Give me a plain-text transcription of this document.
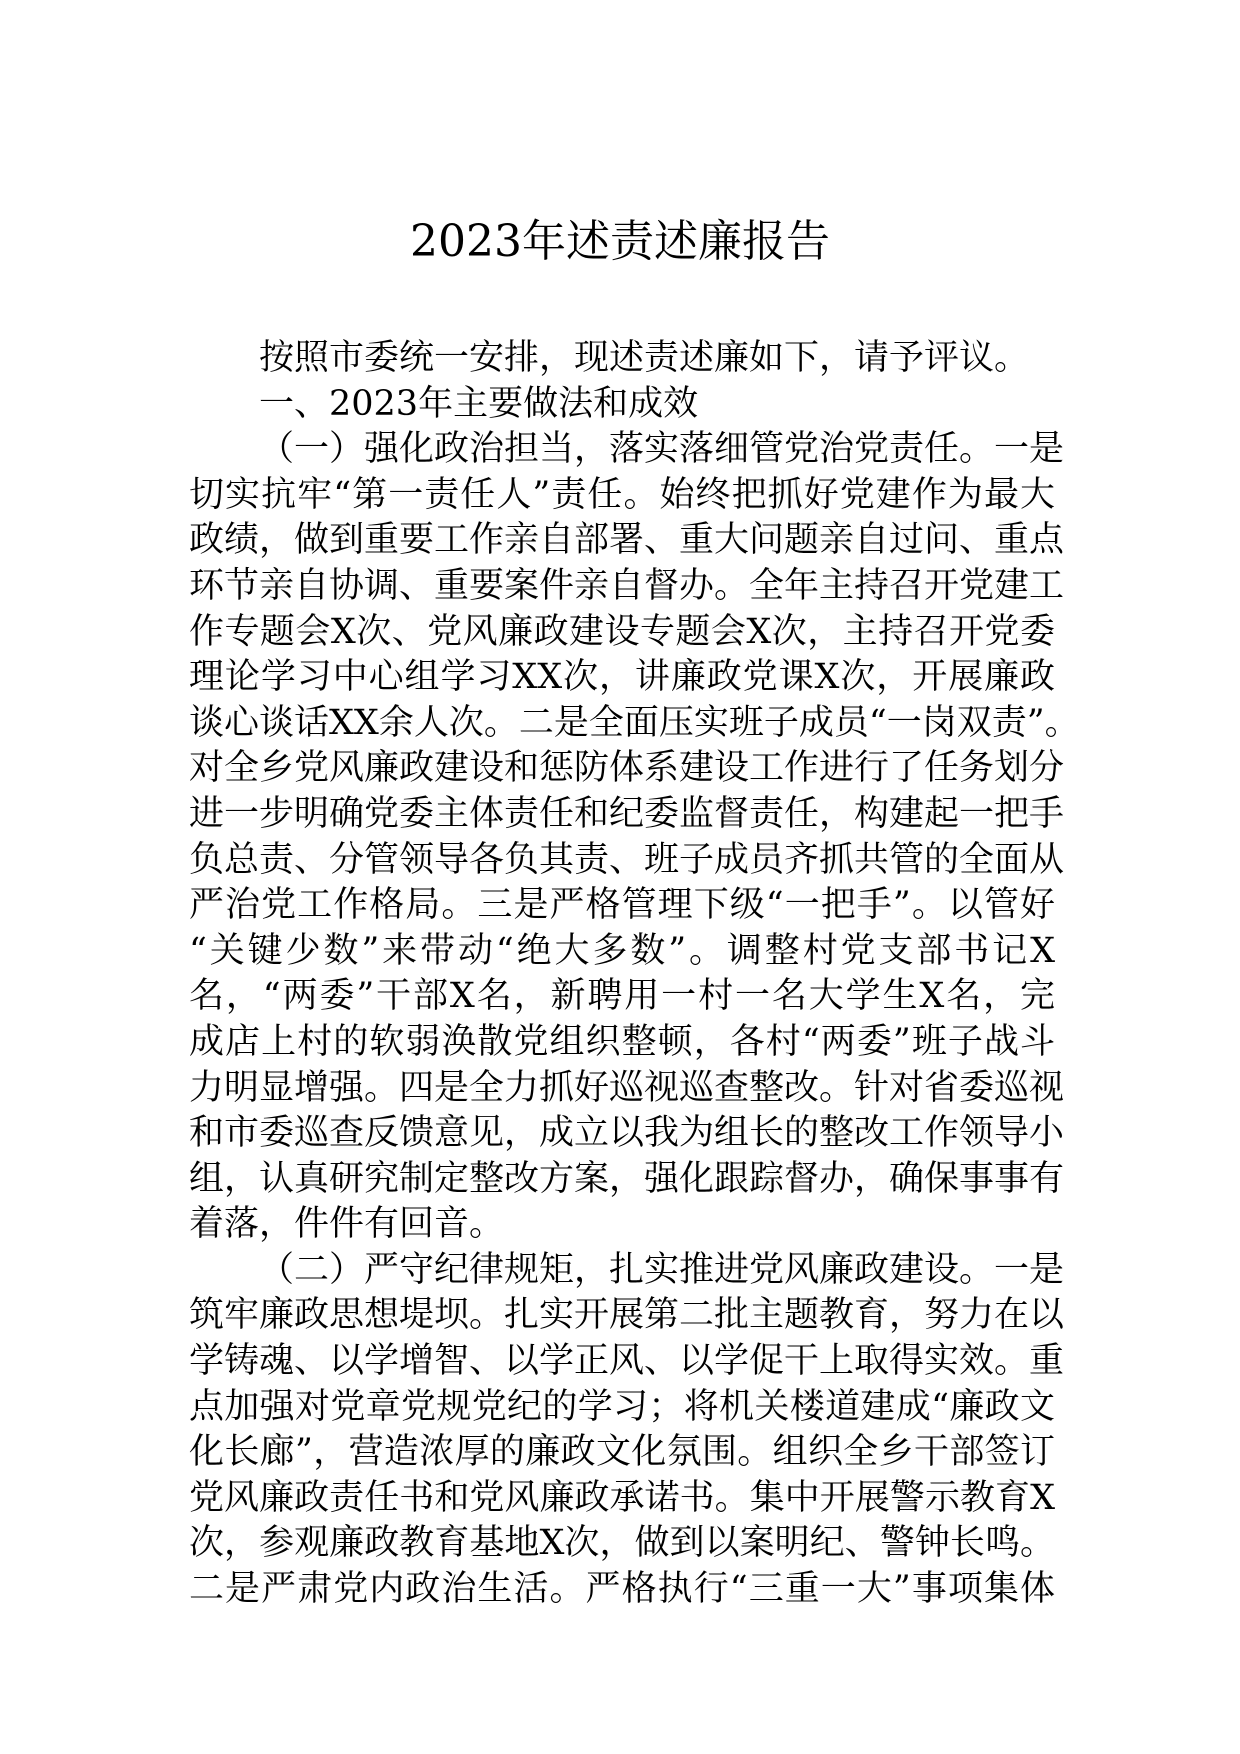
2023年述责述廉报告
按照市委统一安排，现述责述廉如下，请予评议。
一、2023年主要做法和成效
（一）强化政治担当，落实落细管党治党责任。一是
切实抗牢“第一责任人”责任。始终把抓好党建作为最大
政绩，做到重要工作亲自部署、重大问题亲自过问、重点
环节亲自协调、重要案件亲自督办。全年主持召开党建工
作专题会X次、党风廉政建设专题会X次，主持召开党委
理论学习中心组学习XX次，讲廉政党课X次，开展廉政
谈心谈话XX余人次。二是全面压实班子成员“一岗双责”。
对全乡党风廉政建设和惩防体系建设工作进行了任务划分
进一步明确党委主体责任和纪委监督责任，构建起一把手
负总责、分管领导各负其责、班子成员齐抓共管的全面从
严治党工作格局。三是严格管理下级“一把手”。以管好
“关键少数”来带动“绝大多数”。调整村党支部书记X
名，“两委”干部X名，新聘用一村一名大学生X名，完
成店上村的软弱涣散党组织整顿，各村“两委”班子战斗
力明显增强。四是全力抓好巡视巡查整改。针对省委巡视
和市委巡查反馈意见，成立以我为组长的整改工作领导小
组，认真研究制定整改方案，强化跟踪督办，确保事事有
着落，件件有回音。
（二）严守纪律规矩，扎实推进党风廉政建设。一是
筑牢廉政思想堤坝。扎实开展第二批主题教育，努力在以
学铸魂、以学增智、以学正风、以学促干上取得实效。重
点加强对党章党规党纪的学习；将机关楼道建成“廉政文
化长廊”，营造浓厚的廉政文化氛围。组织全乡干部签订
党风廉政责任书和党风廉政承诺书。集中开展警示教育X
次，参观廉政教育基地X次，做到以案明纪、警钟长鸣。
二是严肃党内政治生活。严格执行“三重一大”事项集体
